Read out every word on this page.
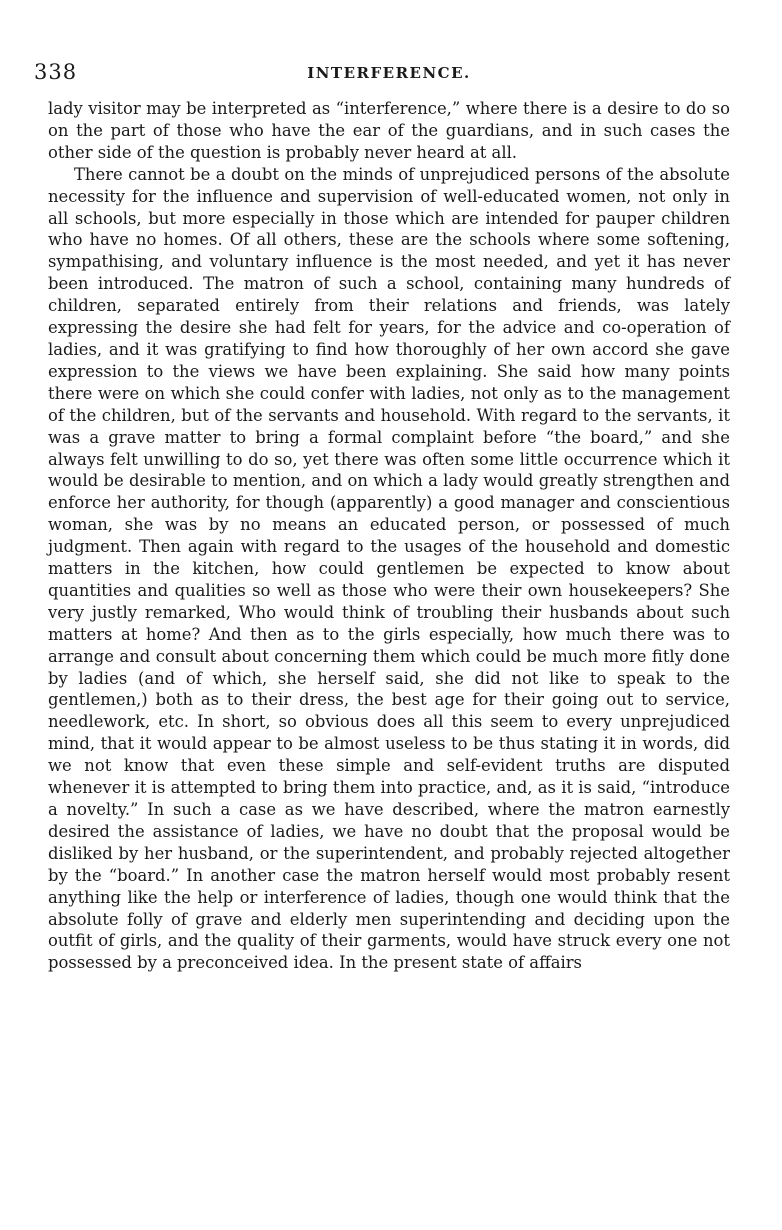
338	INTERFERENCE.

lady visitor may be interpreted as “interference,” where there is a desire to do so on the part of those who have the ear of the guardians, and in such cases the other side of the question is probably never heard at all.

There cannot be a doubt on the minds of unprejudiced persons of the absolute necessity for the influence and supervision of well-educated women, not only in all schools, but more especially in those which are intended for pauper children who have no homes. Of all others, these are the schools where some softening, sympathising, and voluntary influence is the most needed, and yet it has never been introduced. The matron of such a school, containing many hundreds of children, separated entirely from their relations and friends, was lately expressing the desire she had felt for years, for the advice and co-operation of ladies, and it was gratifying to find how thoroughly of her own accord she gave expression to the views we have been explaining. She said how many points there were on which she could confer with ladies, not only as to the management of the children, but of the servants and household. With regard to the servants, it was a grave matter to bring a formal complaint before “the board,” and she always felt unwilling to do so, yet there was often some little occurrence which it would be desirable to mention, and on which a lady would greatly strengthen and enforce her authority, for though (apparently) a good manager and conscientious woman, she was by no means an educated person, or possessed of much judgment. Then again with regard to the usages of the household and domestic matters in the kitchen, how could gentlemen be expected to know about quantities and qualities so well as those who were their own housekeepers? She very justly remarked, Who would think of troubling their husbands about such matters at home? And then as to the girls especially, how much there was to arrange and consult about concerning them which could be much more fitly done by ladies (and of which, she herself said, she did not like to speak to the gentlemen,) both as to their dress, the best age for their going out to service, needlework, etc. In short, so obvious does all this seem to every unprejudiced mind, that it would appear to be almost useless to be thus stating it in words, did we not know that even these simple and self-evident truths are disputed whenever it is attempted to bring them into practice, and, as it is said, “introduce a novelty.” In such a case as we have described, where the matron earnestly desired the assistance of ladies, we have no doubt that the proposal would be disliked by her husband, or the superintendent, and probably rejected altogether by the “board.” In another case the matron herself would most probably resent anything like the help or interference of ladies, though one would think that the absolute folly of grave and elderly men superintending and deciding upon the outfit of girls, and the quality of their garments, would have struck every one not possessed by a preconceived idea. In the present state of affairs
